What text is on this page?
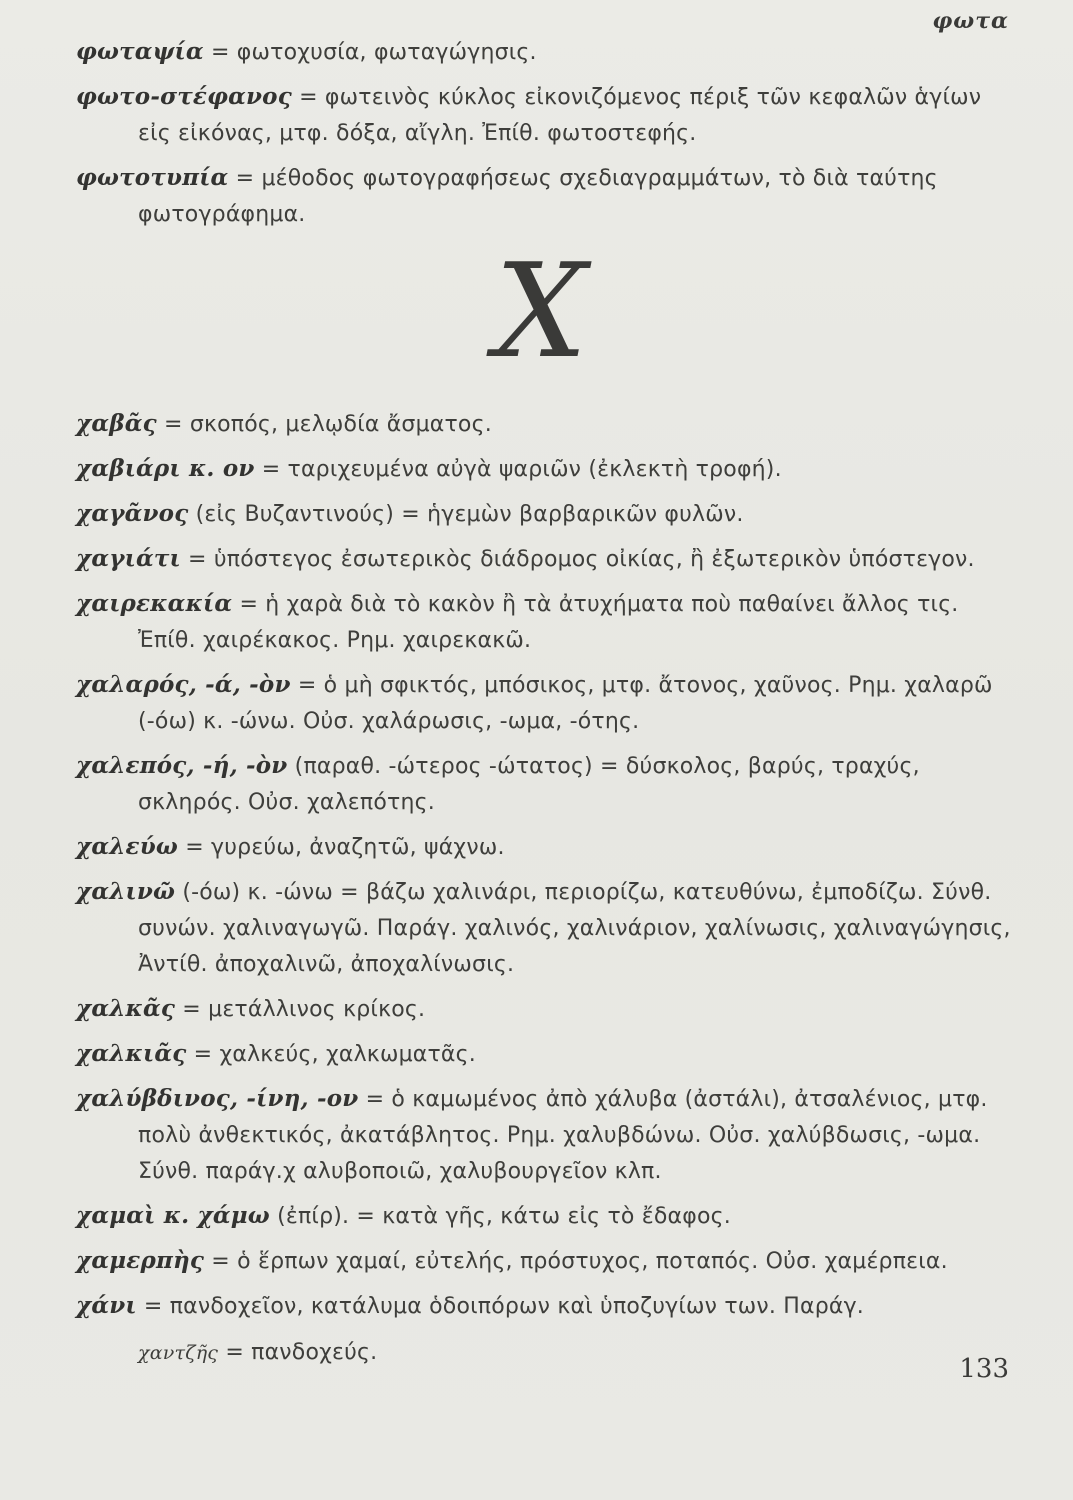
φωτα
φωταψία = φωτοχυσία, φωταγώγησις.
φωτο-στέφανος = φωτεινὸς κύκλος εἰκονιζόμενος πέριξ τῶν κεφαλῶν ἁγίων εἰς εἰκόνας, μτφ. δόξα, αἴγλη. Ἐπίθ. φωτοστεφής.
φωτοτυπία = μέθοδος φωτογραφήσεως σχεδιαγραμμάτων, τὸ διὰ ταύτης φωτογράφημα.
Χ
χαβᾶς = σκοπός, μελῳδία ἄσματος.
χαβιάρι κ. ον = ταριχευμένα αὐγὰ ψαριῶν (ἐκλεκτὴ τροφή).
χαγᾶνος (εἰς Βυζαντινούς) = ἡγεμὼν βαρβαρικῶν φυλῶν.
χαγιάτι = ὑπόστεγος ἐσωτερικὸς διάδρομος οἰκίας, ἢ ἐξωτερικὸν ὑπόστεγον.
χαιρεκακία = ἡ χαρὰ διὰ τὸ κακὸν ἢ τὰ ἀτυχήματα ποὺ παθαίνει ἄλλος τις. Ἐπίθ. χαιρέκακος. Ρημ. χαιρεκακῶ.
χαλαρός, -ά, -ὸν = ὁ μὴ σφικτός, μπόσικος, μτφ. ἄτονος, χαῦνος. Ρημ. χαλαρῶ (-όω) κ. -ώνω. Οὐσ. χαλάρωσις, -ωμα, -ότης.
χαλεπός, -ή, -ὸν (παραθ. -ώτερος -ώτατος) = δύσκολος, βαρύς, τραχύς, σκληρός. Οὐσ. χαλεπότης.
χαλεύω = γυρεύω, ἀναζητῶ, ψάχνω.
χαλινῶ (-όω) κ. -ώνω = βάζω χαλινάρι, περιορίζω, κατευθύνω, ἐμποδίζω. Σύνθ. συνών. χαλιναγωγῶ. Παράγ. χαλινός, χαλινάριον, χαλίνωσις, χαλιναγώγησις, Ἀντίθ. ἀποχαλινῶ, ἀποχαλίνωσις.
χαλκᾶς = μετάλλινος κρίκος.
χαλκιᾶς = χαλκεύς, χαλκωματᾶς.
χαλύβδινος, -ίνη, -ον = ὁ καμωμένος ἀπὸ χάλυβα (ἀστάλι), ἀτσαλένιος, μτφ. πολὺ ἀνθεκτικός, ἀκατάβλητος. Ρημ. χαλυβδώνω. Οὐσ. χαλύβδωσις, -ωμα. Σύνθ. παράγ.χ αλυβοποιῶ, χαλυβουργεῖον κλπ.
χαμαὶ κ. χάμω (ἐπίρ). = κατὰ γῆς, κάτω εἰς τὸ ἔδαφος.
χαμερπὴς = ὁ ἕρπων χαμαί, εὐτελής, πρόστυχος, ποταπός. Οὐσ. χαμέρπεια.
χάνι = πανδοχεῖον, κατάλυμα ὁδοιπόρων καὶ ὑποζυγίων των. Παράγ.
χαντζῆς = πανδοχεύς.
133
